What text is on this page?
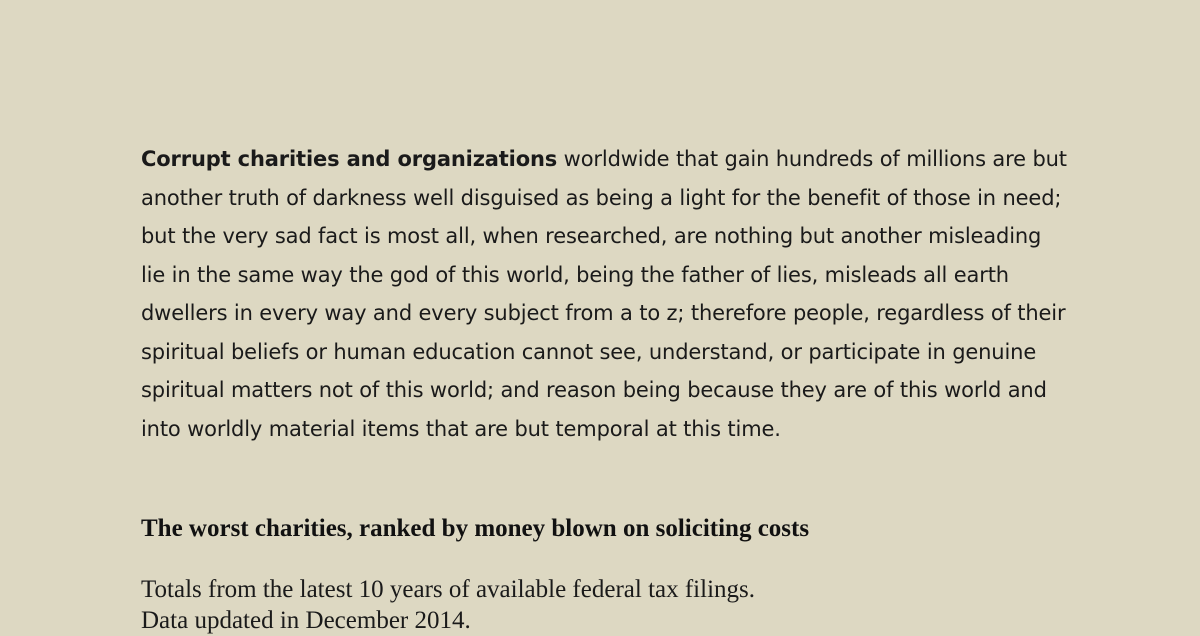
Corrupt charities and organizations worldwide that gain hundreds of millions are but another truth of darkness well disguised as being a light for the benefit of those in need; but the very sad fact is most all, when researched, are nothing but another misleading lie in the same way the god of this world, being the father of lies, misleads all earth dwellers in every way and every subject from a to z; therefore people, regardless of their spiritual beliefs or human education cannot see, understand, or participate in genuine spiritual matters not of this world; and reason being because they are of this world and into worldly material items that are but temporal at this time.

The worst charities, ranked by money blown on soliciting costs
Totals from the latest 10 years of available federal tax filings.
Data updated in December 2014.
